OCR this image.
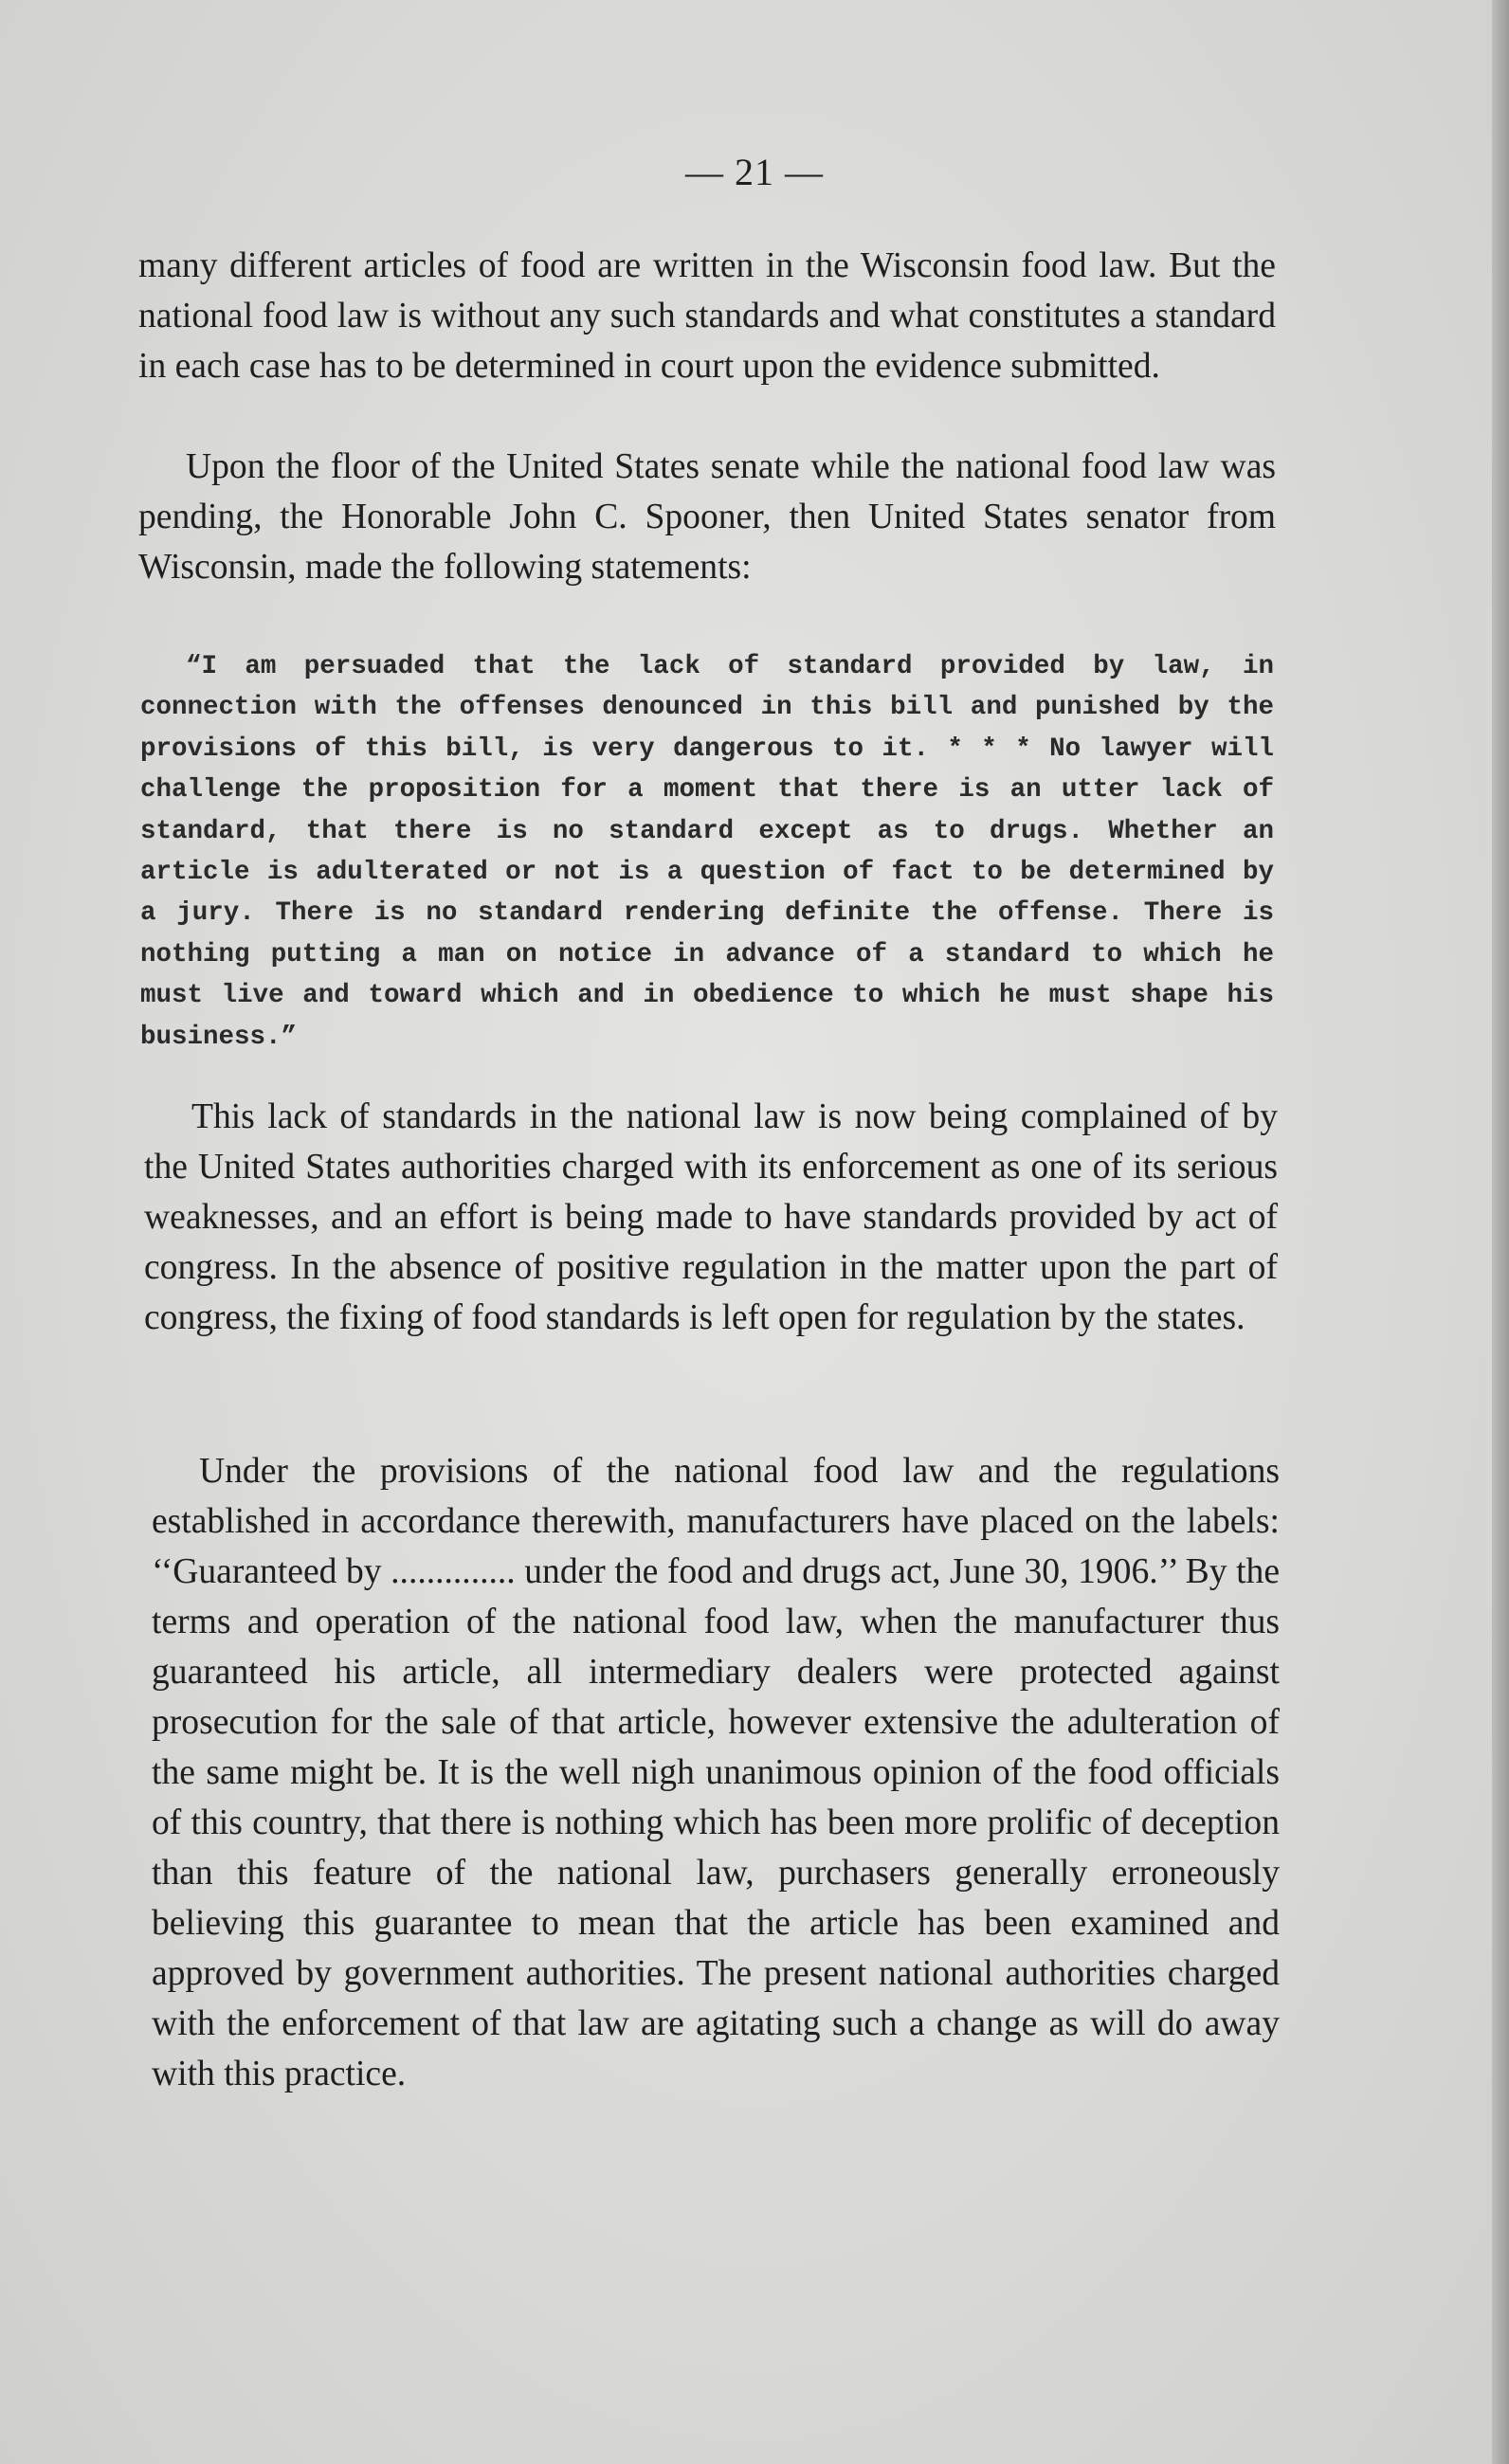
— 21 —

many different articles of food are written in the Wisconsin food law. But the national food law is without any such standards and what constitutes a standard in each case has to be determined in court upon the evidence submitted.

Upon the floor of the United States senate while the national food law was pending, the Honorable John C. Spooner, then United States senator from Wisconsin, made the following statements:

“I am persuaded that the lack of standard provided by law, in connection with the offenses denounced in this bill and punished by the provisions of this bill, is very dangerous to it. * * * No lawyer will challenge the proposition for a moment that there is an utter lack of standard, that there is no standard except as to drugs. Whether an article is adulterated or not is a question of fact to be determined by a jury. There is no standard rendering definite the offense. There is nothing putting a man on notice in advance of a standard to which he must live and toward which and in obedience to which he must shape his business.”

This lack of standards in the national law is now being complained of by the United States authorities charged with its enforcement as one of its serious weaknesses, and an effort is being made to have standards provided by act of congress. In the absence of positive regulation in the matter upon the part of congress, the fixing of food standards is left open for regulation by the states.

Under the provisions of the national food law and the regulations established in accordance therewith, manufacturers have placed on the labels: ‘‘Guaranteed by .............. under the food and drugs act, June 30, 1906.’’ By the terms and operation of the national food law, when the manufacturer thus guaranteed his article, all intermediary dealers were protected against prosecution for the sale of that article, however extensive the adulteration of the same might be. It is the well nigh unanimous opinion of the food officials of this country, that there is nothing which has been more prolific of deception than this feature of the national law, purchasers generally erroneously believing this guarantee to mean that the article has been examined and approved by government authorities. The present national authorities charged with the enforcement of that law are agitating such a change as will do away with this practice.
